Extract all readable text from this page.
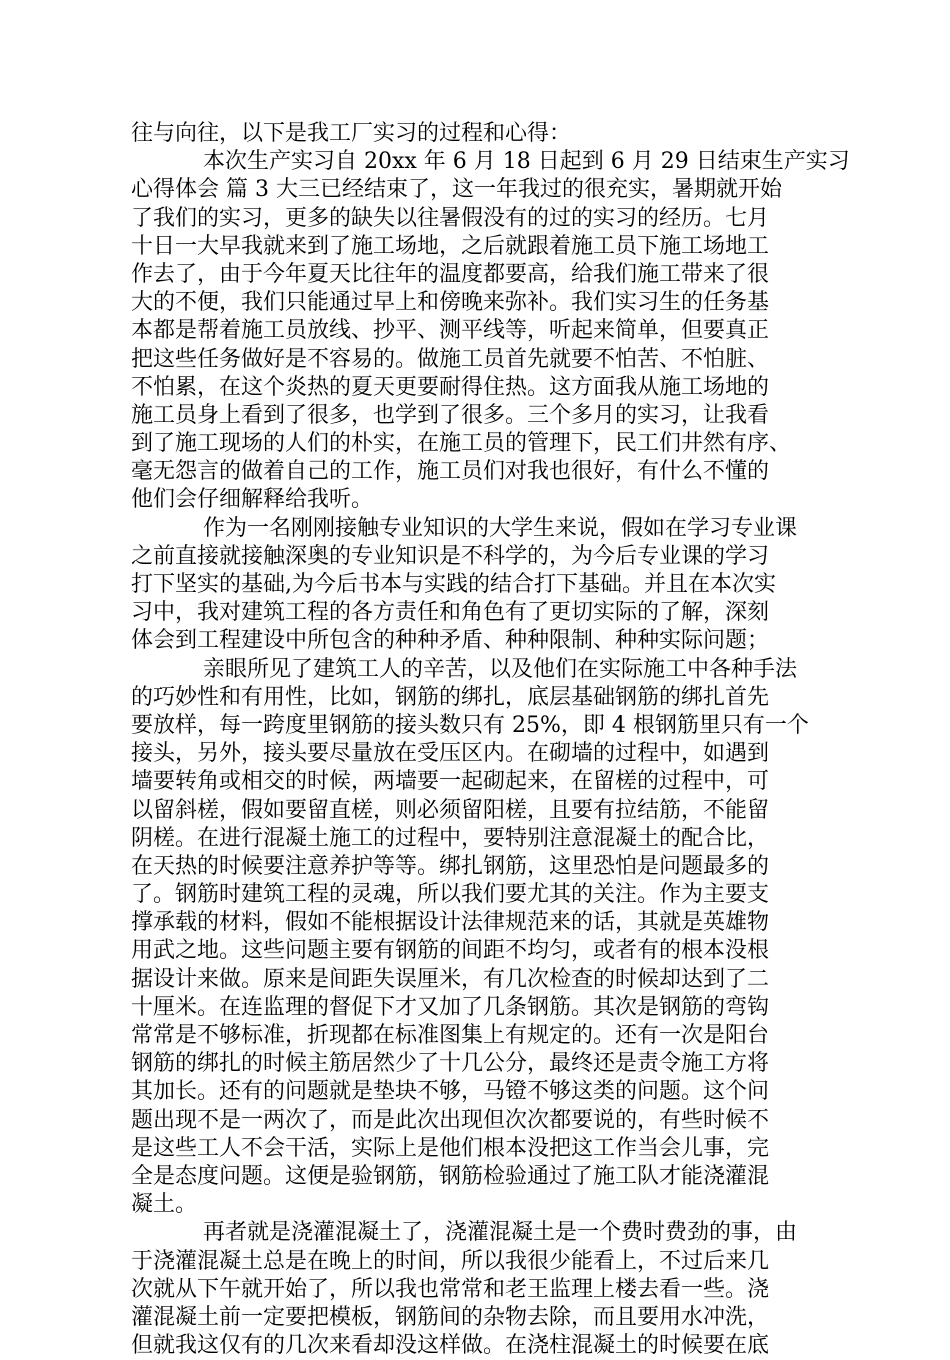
往与向往，以下是我工厂实习的过程和心得：
本次生产实习自 20xx 年 6 月 18 日起到 6 月 29 日结束生产实习
心得体会 篇 3 大三已经结束了，这一年我过的很充实，暑期就开始
了我们的实习，更多的缺失以往暑假没有的过的实习的经历。七月
十日一大早我就来到了施工场地，之后就跟着施工员下施工场地工
作去了，由于今年夏天比往年的温度都要高，给我们施工带来了很
大的不便，我们只能通过早上和傍晚来弥补。我们实习生的任务基
本都是帮着施工员放线、抄平、测平线等，听起来简单，但要真正
把这些任务做好是不容易的。做施工员首先就要不怕苦、不怕脏、
不怕累，在这个炎热的夏天更要耐得住热。这方面我从施工场地的
施工员身上看到了很多，也学到了很多。三个多月的实习，让我看
到了施工现场的人们的朴实，在施工员的管理下，民工们井然有序、
毫无怨言的做着自己的工作，施工员们对我也很好，有什么不懂的
他们会仔细解释给我听。
作为一名刚刚接触专业知识的大学生来说，假如在学习专业课
之前直接就接触深奥的专业知识是不科学的，为今后专业课的学习
打下坚实的基础,为今后书本与实践的结合打下基础。并且在本次实
习中，我对建筑工程的各方责任和角色有了更切实际的了解，深刻
体会到工程建设中所包含的种种矛盾、种种限制、种种实际问题；
亲眼所见了建筑工人的辛苦，以及他们在实际施工中各种手法
的巧妙性和有用性，比如，钢筋的绑扎，底层基础钢筋的绑扎首先
要放样，每一跨度里钢筋的接头数只有 25%，即 4 根钢筋里只有一个
接头，另外，接头要尽量放在受压区内。在砌墙的过程中，如遇到
墙要转角或相交的时候，两墙要一起砌起来，在留槎的过程中，可
以留斜槎，假如要留直槎，则必须留阳槎，且要有拉结筋，不能留
阴槎。在进行混凝土施工的过程中，要特别注意混凝土的配合比，
在天热的时候要注意养护等等。绑扎钢筋，这里恐怕是问题最多的
了。钢筋时建筑工程的灵魂，所以我们要尤其的关注。作为主要支
撑承载的材料，假如不能根据设计法律规范来的话，其就是英雄物
用武之地。这些问题主要有钢筋的间距不均匀，或者有的根本没根
据设计来做。原来是间距失误厘米，有几次检查的时候却达到了二
十厘米。在连监理的督促下才又加了几条钢筋。其次是钢筋的弯钩
常常是不够标准，折现都在标准图集上有规定的。还有一次是阳台
钢筋的绑扎的时候主筋居然少了十几公分，最终还是责令施工方将
其加长。还有的问题就是垫块不够，马镫不够这类的问题。这个问
题出现不是一两次了，而是此次出现但次次都要说的，有些时候不
是这些工人不会干活，实际上是他们根本没把这工作当会儿事，完
全是态度问题。这便是验钢筋，钢筋检验通过了施工队才能浇灌混
凝土。
再者就是浇灌混凝土了，浇灌混凝土是一个费时费劲的事，由
于浇灌混凝土总是在晚上的时间，所以我很少能看上，不过后来几
次就从下午就开始了，所以我也常常和老王监理上楼去看一些。浇
灌混凝土前一定要把模板，钢筋间的杂物去除，而且要用水冲洗，
但就我这仅有的几次来看却没这样做。在浇柱混凝土的时候要在底
